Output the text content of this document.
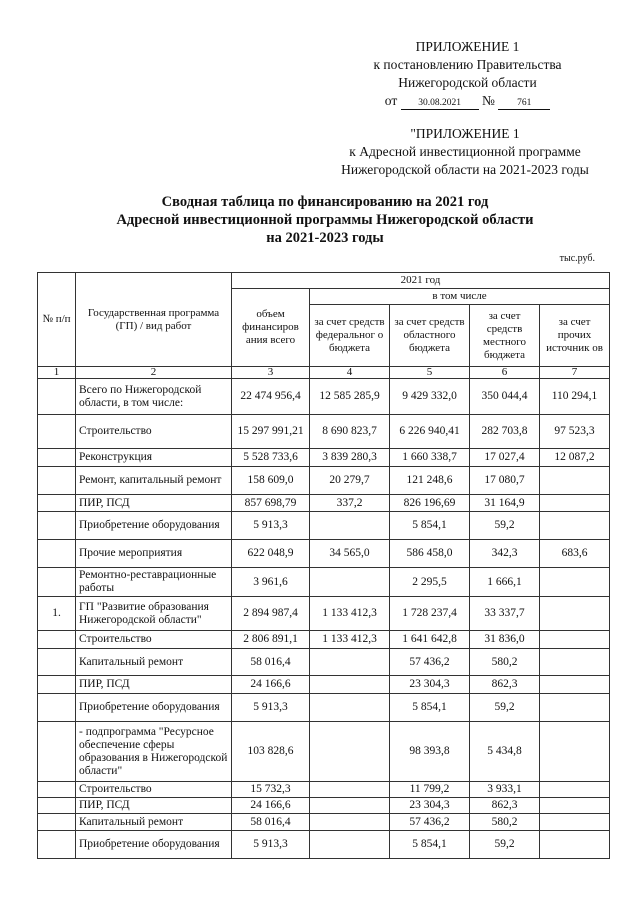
ПРИЛОЖЕНИЕ 1
к постановлению Правительства
Нижегородской области
от 30.08.2021 № 761
"ПРИЛОЖЕНИЕ 1
к Адресной инвестиционной программе
Нижегородской области на 2021-2023 годы
Сводная таблица по финансированию на 2021 год
Адресной инвестиционной программы Нижегородской области
на 2021-2023 годы
тыс.руб.
№ п/п	Государственная программа (ГП) / вид работ	2021 год				
		объем финансиров ания всего	в том числе			
			за счет средств федеральног о бюджета	за счет средств областного бюджета	за счет средств местного бюджета	за счет прочих источник ов
1	2	3	4	5	6	7
	Всего по Нижегородской области, в том числе:	22 474 956,4	12 585 285,9	9 429 332,0	350 044,4	110 294,1
	Строительство	15 297 991,21	8 690 823,7	6 226 940,41	282 703,8	97 523,3
	Реконструкция	5 528 733,6	3 839 280,3	1 660 338,7	17 027,4	12 087,2
	Ремонт, капитальный ремонт	158 609,0	20 279,7	121 248,6	17 080,7	
	ПИР, ПСД	857 698,79	337,2	826 196,69	31 164,9	
	Приобретение оборудования	5 913,3		5 854,1	59,2	
	Прочие мероприятия	622 048,9	34 565,0	586 458,0	342,3	683,6
	Ремонтно-реставрационные работы	3 961,6		2 295,5	1 666,1	
1.	ГП "Развитие образования Нижегородской области"	2 894 987,4	1 133 412,3	1 728 237,4	33 337,7	
	Строительство	2 806 891,1	1 133 412,3	1 641 642,8	31 836,0	
	Капитальный ремонт	58 016,4		57 436,2	580,2	
	ПИР, ПСД	24 166,6		23 304,3	862,3	
	Приобретение оборудования	5 913,3		5 854,1	59,2	
	- подпрограмма "Ресурсное обеспечение сферы образования в Нижегородской области"	103 828,6		98 393,8	5 434,8	
	Строительство	15 732,3		11 799,2	3 933,1	
	ПИР, ПСД	24 166,6		23 304,3	862,3	
	Капитальный ремонт	58 016,4		57 436,2	580,2	
	Приобретение оборудования	5 913,3		5 854,1	59,2	
